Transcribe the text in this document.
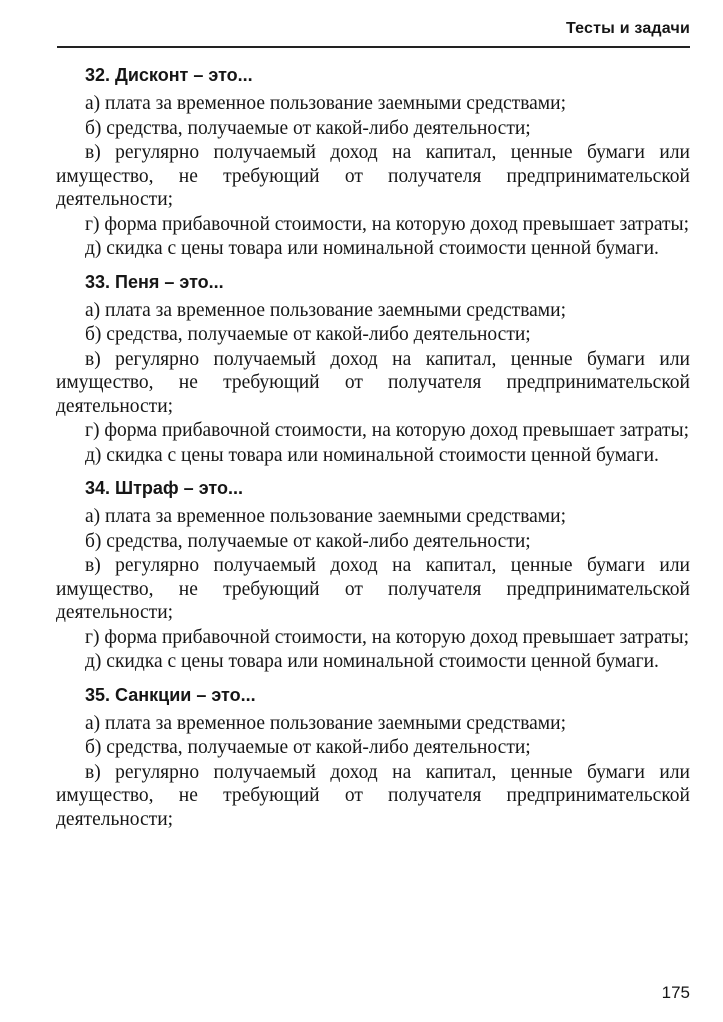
Тесты и задачи
32. Дисконт – это...

а) плата за временное пользование заемными средствами;

б) средства, получаемые от какой-либо деятельности;

в) регулярно получаемый доход на капитал, ценные бумаги или имущество, не требующий от получателя предпринимательской деятельности;

г) форма прибавочной стоимости, на которую доход превышает затраты;

д) скидка с цены товара или номинальной стоимости ценной бумаги.

33. Пеня – это...

а) плата за временное пользование заемными средствами;

б) средства, получаемые от какой-либо деятельности;

в) регулярно получаемый доход на капитал, ценные бумаги или имущество, не требующий от получателя предпринимательской деятельности;

г) форма прибавочной стоимости, на которую доход превышает затраты;

д) скидка с цены товара или номинальной стоимости ценной бумаги.

34. Штраф – это...

а) плата за временное пользование заемными средствами;

б) средства, получаемые от какой-либо деятельности;

в) регулярно получаемый доход на капитал, ценные бумаги или имущество, не требующий от получателя предпринимательской деятельности;

г) форма прибавочной стоимости, на которую доход превышает затраты;

д) скидка с цены товара или номинальной стоимости ценной бумаги.

35. Санкции – это...

а) плата за временное пользование заемными средствами;

б) средства, получаемые от какой-либо деятельности;

в) регулярно получаемый доход на капитал, ценные бумаги или имущество, не требующий от получателя предпринимательской деятельности;

175
